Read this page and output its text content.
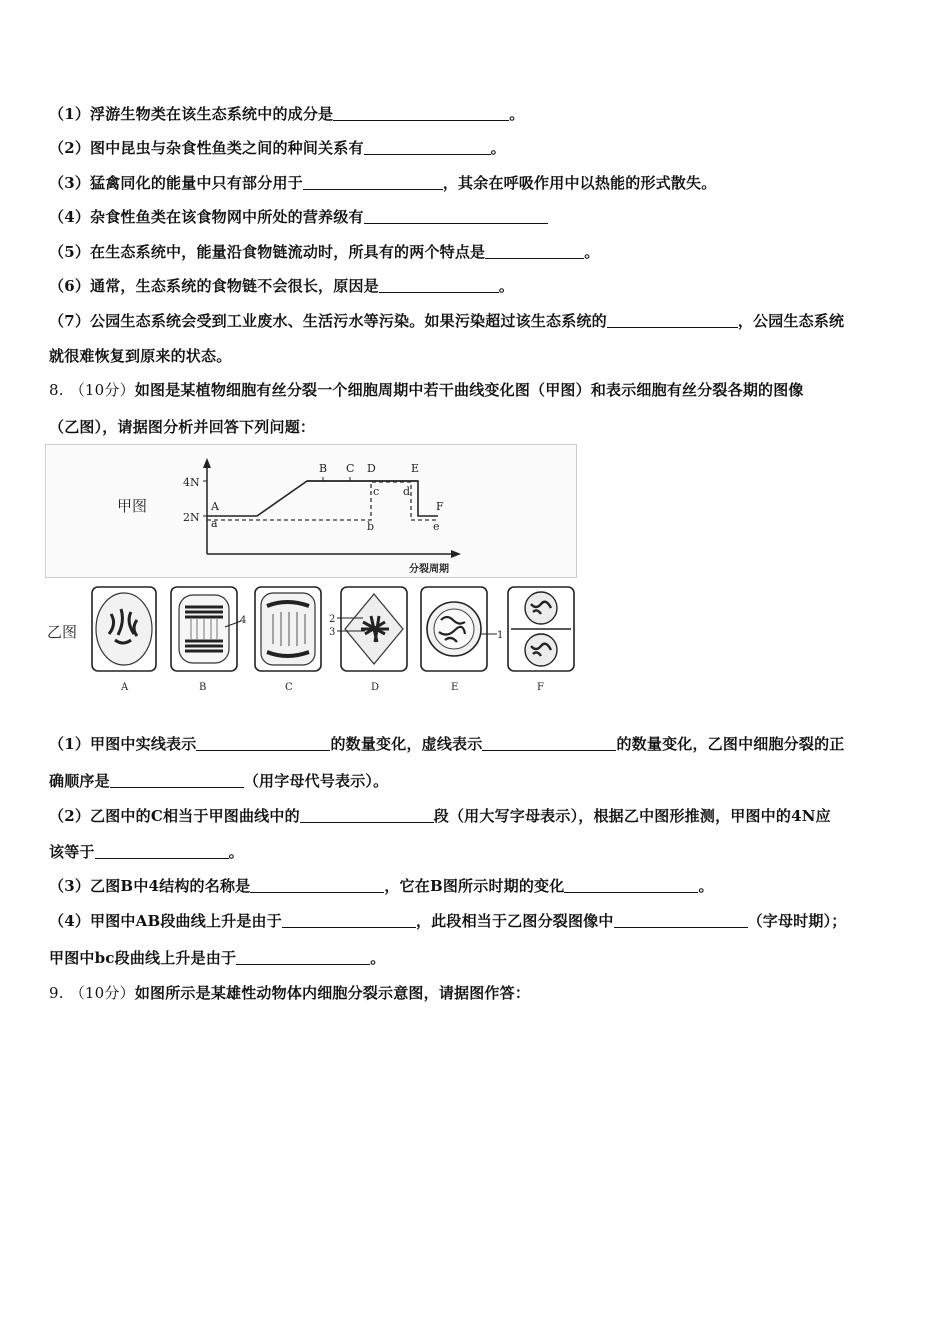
（1）浮游生物类在该生态系统中的成分是	。
（2）图中昆虫与杂食性鱼类之间的种间关系有	。
（3）猛禽同化的能量中只有部分用于	，其余在呼吸作用中以热能的形式散失。
（4）杂食性鱼类在该食物网中所处的营养级有
（5）在生态系统中，能量沿食物链流动时，所具有的两个特点是	。
（6）通常，生态系统的食物链不会很长，原因是	。
（7）公园生态系统会受到工业废水、生活污水等污染。如果污染超过该生态系统的	，公园生态系统
就很难恢复到原来的状态。
8. （10分）如图是某植物细胞有丝分裂一个细胞周期中若干曲线变化图（甲图）和表示细胞有丝分裂各期的图像
（乙图），请据图分析并回答下列问题：
甲图
4N
2N
分裂周期
A
B C D	E
F
a	b
c d
e
乙图
4	2
3	1
A	B	C	D	E	F
（1）甲图中实线表示	的数量变化，虚线表示	的数量变化，乙图中细胞分裂的正
确顺序是	（用字母代号表示）。
（2）乙图中的C相当于甲图曲线中的	段（用大写字母表示），根据乙中图形推测，甲图中的4N应
该等于	。
（3）乙图B中4结构的名称是	，它在B图所示时期的变化	。
（4）甲图中AB段曲线上升是由于	，此段相当于乙图分裂图像中	（字母时期）；
甲图中bc段曲线上升是由于	。
9. （10分）如图所示是某雄性动物体内细胞分裂示意图，请据图作答：
